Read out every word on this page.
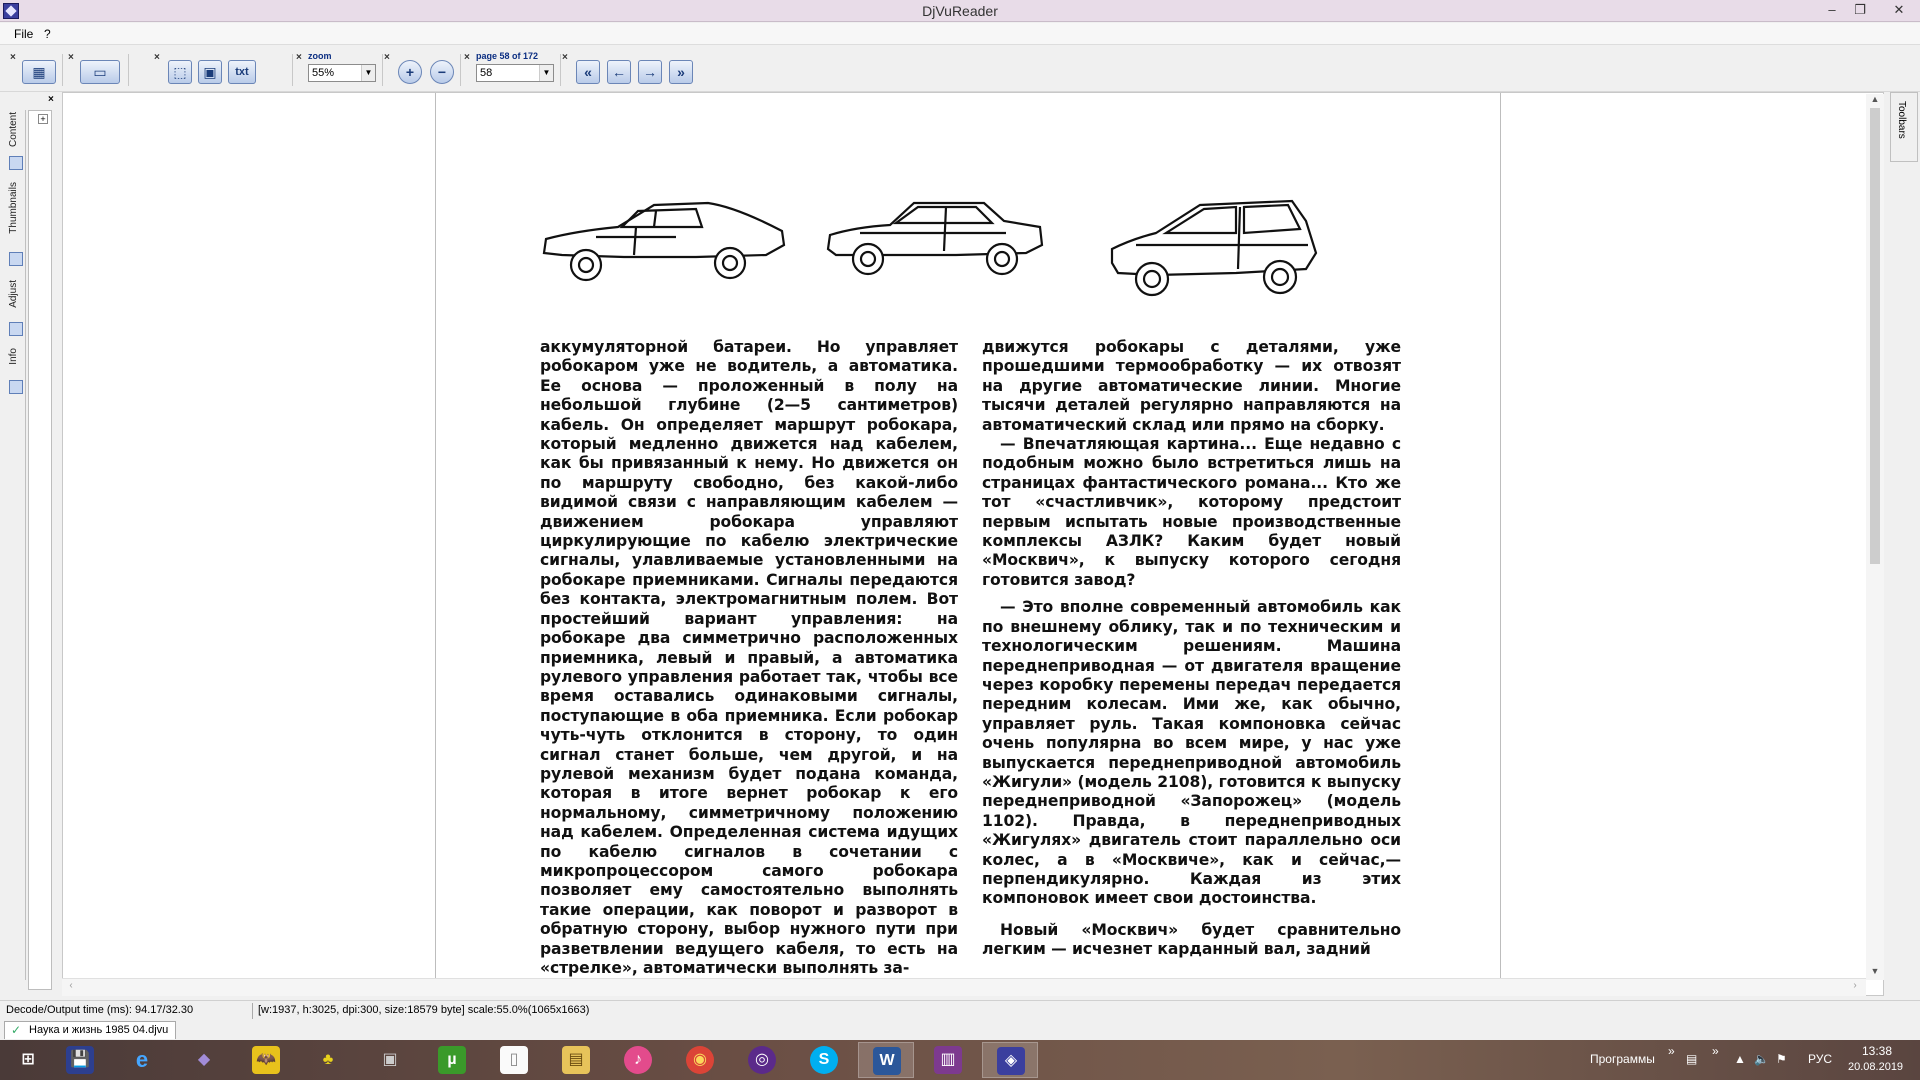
DjVuReader	–	❐	✕
File ?
×
▦
×
▭
×
⬚	▣	txt
× zoom
55%	▼
×
+	−
× page 58 of 172
58	▼
×
«	← →	»
×
Content
Thumbnails
Adjust
Info
+

аккумуляторной батареи. Но управляет робокаром уже не водитель, а автоматика. Ее основа — проложенный в полу на небольшой глубине (2—5 сантиметров) кабель. Он определяет маршрут робокара, который медленно движется над кабелем, как бы привязанный к нему. Но движется он по маршруту свободно, без какой-либо видимой связи с направляющим кабелем — движением робокара управляют циркулирующие по кабелю электрические сигналы, улавливаемые установленными на робокаре приемниками. Сигналы передаются без контакта, электромагнитным полем. Вот простейший вариант управления: на робокаре два симметрично расположенных приемника, левый и правый, а автоматика рулевого управления работает так, чтобы все время оставались одинаковыми сигналы, поступающие в оба приемника. Если робокар чуть-чуть отклонится в сторону, то один сигнал станет больше, чем другой, и на рулевой механизм будет подана команда, которая в итоге вернет робокар к его нормальному, симметричному положению над кабелем. Определенная система идущих по кабелю сигналов в сочетании с микропроцессором самого робокара позволяет ему самостоятельно выполнять такие операции, как поворот и разворот в обратную сторону, выбор нужного пути при разветвлении ведущего кабеля, то есть на «стрелке», автоматически выполнять за-

движутся робокары с деталями, уже прошедшими термообработку — их отвозят на другие автоматические линии. Многие тысячи деталей регулярно направляются на автоматический склад или прямо на сборку.

— Впечатляющая картина... Еще недавно с подобным можно было встретиться лишь на страницах фантастического романа... Кто же тот «счастливчик», которому предстоит первым испытать новые производственные комплексы АЗЛК? Каким будет новый «Москвич», к выпуску которого сегодня готовится завод?

— Это вполне современный автомобиль как по внешнему облику, так и по техническим и технологическим решениям. Машина переднеприводная — от двигателя вращение через коробку перемены передач передается передним колесам. Ими же, как обычно, управляет руль. Такая компоновка сейчас очень популярна во всем мире, у нас уже выпускается переднеприводной автомобиль «Жигули» (модель 2108), готовится к выпуску переднеприводной «Запорожец» (модель 1102). Правда, в переднеприводных «Жигулях» двигатель стоит параллельно оси колес, а в «Москвиче», как и сейчас,— перпендикулярно. Каждая из этих компоновок имеет свои достоинства.

Новый «Москвич» будет сравнительно легким — исчезнет карданный вал, задний

▲
▼
‹	›
Toolbars
Decode/Output time (ms): 94.17/32.30	[w:1937, h:3025, dpi:300, size:18579 byte] scale:55.0%(1065x1663)
✓ Наука и жизнь 1985 04.djvu
⊞	💾	e	◆	🦇	♣	▣	µ	▯	▤	♪	◉	◎	S	W	▥	◈	Программы
»
▤
»
▲ 🔈 ⚑ РУС
13:38
20.08.2019
